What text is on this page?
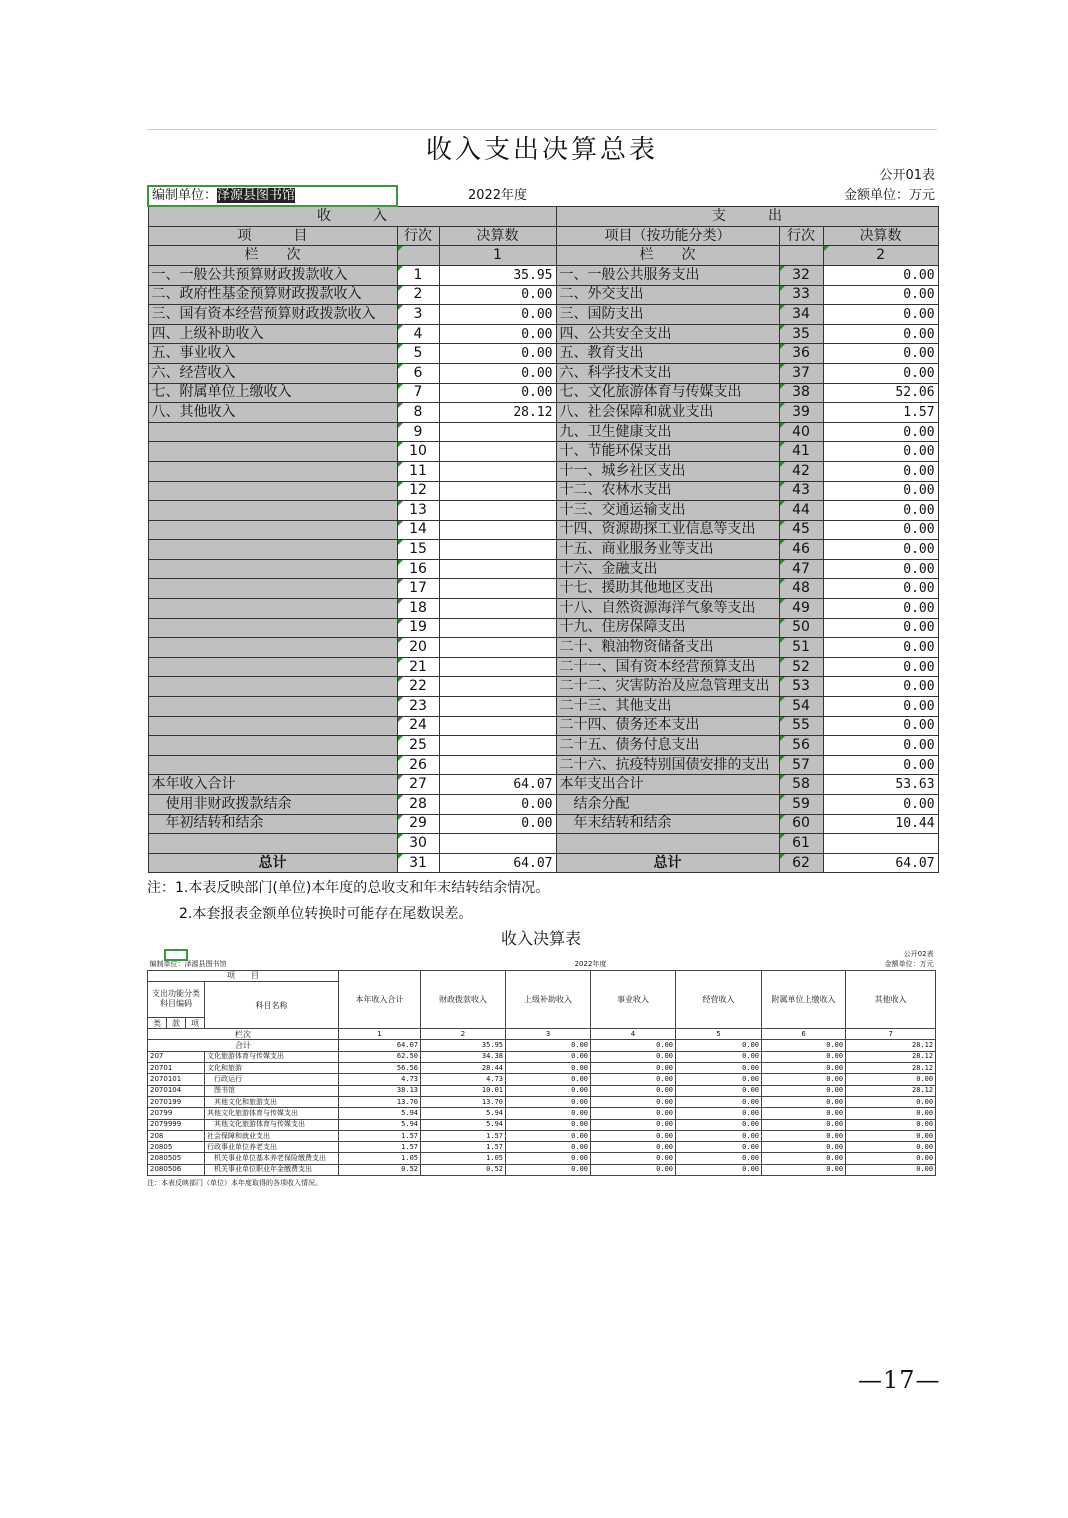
收入支出决算总表
					公开01表
编制单位：泽源县图书馆		2022年度			金额单位：万元
收　　　入			支　　　出		
项　　　目	行次	决算数	项目（按功能分类）	行次	决算数
栏　　次		1	栏　　次		2
一、一般公共预算财政拨款收入	1	35.95	一、一般公共服务支出	32	0.00
二、政府性基金预算财政拨款收入	2	0.00	二、外交支出	33	0.00
三、国有资本经营预算财政拨款收入	3	0.00	三、国防支出	34	0.00
四、上级补助收入	4	0.00	四、公共安全支出	35	0.00
五、事业收入	5	0.00	五、教育支出	36	0.00
六、经营收入	6	0.00	六、科学技术支出	37	0.00
七、附属单位上缴收入	7	0.00	七、文化旅游体育与传媒支出	38	52.06
八、其他收入	8	28.12	八、社会保障和就业支出	39	1.57
	9		九、卫生健康支出	40	0.00
	10		十、节能环保支出	41	0.00
	11		十一、城乡社区支出	42	0.00
	12		十二、农林水支出	43	0.00
	13		十三、交通运输支出	44	0.00
	14		十四、资源勘探工业信息等支出	45	0.00
	15		十五、商业服务业等支出	46	0.00
	16		十六、金融支出	47	0.00
	17		十七、援助其他地区支出	48	0.00
	18		十八、自然资源海洋气象等支出	49	0.00
	19		十九、住房保障支出	50	0.00
	20		二十、粮油物资储备支出	51	0.00
	21		二十一、国有资本经营预算支出	52	0.00
	22		二十二、灾害防治及应急管理支出	53	0.00
	23		二十三、其他支出	54	0.00
	24		二十四、债务还本支出	55	0.00
	25		二十五、债务付息支出	56	0.00
	26		二十六、抗疫特别国债安排的支出	57	0.00
本年收入合计	27	64.07	本年支出合计	58	53.63
　使用非财政拨款结余	28	0.00	　结余分配	59	0.00
　年初结转和结余	29	0.00	　年末结转和结余	60	10.44
	30			61	
总计	31	64.07	总计	62	64.07
注：1.本表反映部门(单位)本年度的总收支和年末结转结余情况。
2.本套报表金额单位转换时可能存在尾数误差。
收入决算表
										公开02表
编制单位：泽源县图书馆						2022年度				金额单位：万元
项　　目				本年收入合计	财政拨款收入	上级补助收入	事业收入	经营收入	附属单位上缴收入	其他收入
支出功能分类科目编码			科目名称							
类	款	项								
栏次				1	2	3	4	5	6	7
合计				64.07	35.95	0.00	0.00	0.00	0.00	28.12
207			文化旅游体育与传媒支出	62.50	34.38	0.00	0.00	0.00	0.00	28.12
20701			文化和旅游	56.56	28.44	0.00	0.00	0.00	0.00	28.12
2070101			　行政运行	4.73	4.73	0.00	0.00	0.00	0.00	0.00
2070104			　图书馆	38.13	10.01	0.00	0.00	0.00	0.00	28.12
2070199			　其他文化和旅游支出	13.70	13.70	0.00	0.00	0.00	0.00	0.00
20799			其他文化旅游体育与传媒支出	5.94	5.94	0.00	0.00	0.00	0.00	0.00
2079999			　其他文化旅游体育与传媒支出	5.94	5.94	0.00	0.00	0.00	0.00	0.00
208			社会保障和就业支出	1.57	1.57	0.00	0.00	0.00	0.00	0.00
20805			行政事业单位养老支出	1.57	1.57	0.00	0.00	0.00	0.00	0.00
2080505			　机关事业单位基本养老保险缴费支出	1.05	1.05	0.00	0.00	0.00	0.00	0.00
2080506			　机关事业单位职业年金缴费支出	0.52	0.52	0.00	0.00	0.00	0.00	0.00
注：本表反映部门（单位）本年度取得的各项收入情况。
—17—
